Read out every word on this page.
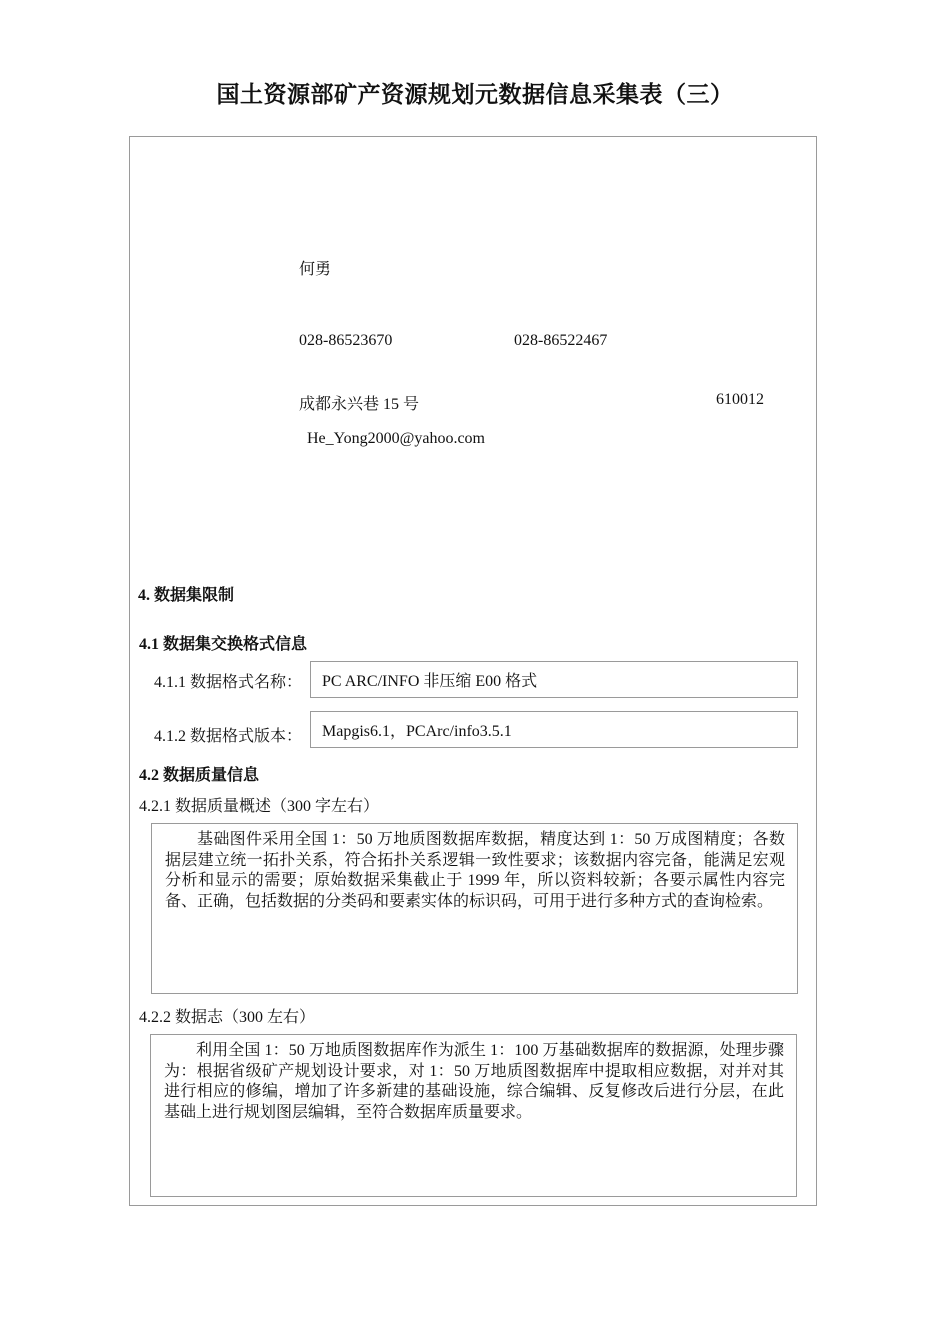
国土资源部矿产资源规划元数据信息采集表（三）
何勇
028-86523670	028-86522467
成都永兴巷 15 号	610012
He_Yong2000@yahoo.com
4. 数据集限制
4.1 数据集交换格式信息
4.1.1 数据格式名称：	PC ARC/INFO 非压缩 E00 格式
4.1.2 数据格式版本：	Mapgis6.1，PCArc/info3.5.1
4.2 数据质量信息
4.2.1 数据质量概述（300 字左右）
基础图件采用全国 1：50 万地质图数据库数据，精度达到 1：50 万成图精度；各数据层建立统一拓扑关系，符合拓扑关系逻辑一致性要求；该数据内容完备，能满足宏观分析和显示的需要；原始数据采集截止于 1999 年，所以资料较新；各要示属性内容完备、正确，包括数据的分类码和要素实体的标识码，可用于进行多种方式的查询检索。
4.2.2 数据志（300 左右）
利用全国 1：50 万地质图数据库作为派生 1：100 万基础数据库的数据源，处理步骤为：根据省级矿产规划设计要求，对 1：50 万地质图数据库中提取相应数据，对并对其进行相应的修编，增加了许多新建的基础设施，综合编辑、反复修改后进行分层，在此基础上进行规划图层编辑，至符合数据库质量要求。
